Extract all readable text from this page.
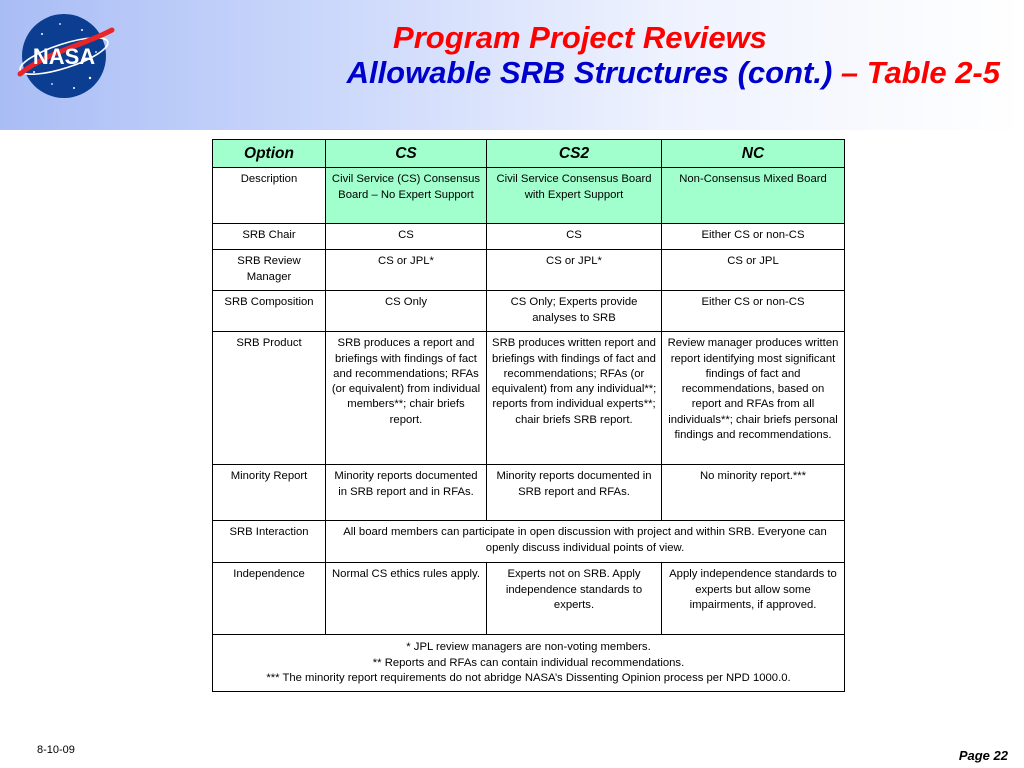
NASA
Program Project Reviews
Allowable SRB Structures (cont.) – Table 2-5
Option	CS	CS2	NC
Description	Civil Service (CS) Consensus Board – No Expert Support	Civil Service Consensus Board with Expert Support	Non-Consensus Mixed Board
SRB Chair	CS	CS	Either CS or non-CS
SRB Review Manager	CS or JPL*	CS or JPL*	CS or JPL
SRB Composition	CS Only	CS Only; Experts provide analyses to SRB	Either CS or non-CS
SRB Product	SRB produces a report and briefings with findings of fact and recommendations; RFAs (or equivalent) from individual members**; chair briefs report.	SRB produces written report and briefings with findings of fact and recommendations; RFAs (or equivalent) from any individual**; reports from individual experts**; chair briefs SRB report.	Review manager produces written report identifying most significant findings of fact and recommendations, based on report and RFAs from all individuals**; chair briefs personal findings and recommendations.
Minority Report	Minority reports documented in SRB report and in RFAs.	Minority reports documented in SRB report and RFAs.	No minority report.***
SRB Interaction	All board members can participate in open discussion with project and within SRB. Everyone can openly discuss individual points of view.		
Independence	Normal CS ethics rules apply.	Experts not on SRB. Apply independence standards to experts.	Apply independence standards to experts but allow some impairments, if approved.

* JPL review managers are non-voting members.
** Reports and RFAs can contain individual recommendations.
*** The minority report requirements do not abridge NASA’s Dissenting Opinion process per NPD 1000.0.			
8-10-09	Page 22
